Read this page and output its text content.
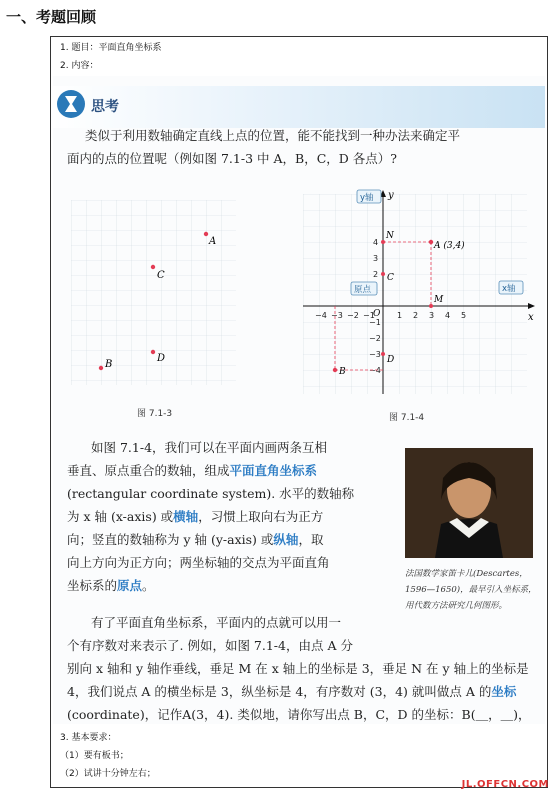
一、考题回顾
1. 题目：平面直角坐标系
2. 内容：
思考
类似于利用数轴确定直线上点的位置，能不能找到一种办法来确定平
面内的点的位置呢（例如图 7.1-3 中 A，B，C，D 各点）?
A
C
D
B
图 7.1-3
x
y
−4 −3 −2 −1	1 2 3 4 5
4
3
2
−1
−2
−3
−4
O
A (3,4)
N
M
C
D
B
y轴
x轴
原点
图 7.1-4
如图 7.1-4，我们可以在平面内画两条互相
垂直、原点重合的数轴，组成平面直角坐标系
(rectangular coordinate system). 水平的数轴称
为 x 轴 (x-axis) 或横轴，习惯上取向右为正方
向；竖直的数轴称为 y 轴 (y-axis) 或纵轴，取
向上方向为正方向；两坐标轴的交点为平面直角
坐标系的原点。
法国数学家笛卡儿(Descartes，1596—1650)，最早引入坐标系，用代数方法研究几何图形。
有了平面直角坐标系，平面内的点就可以用一
个有序数对来表示了. 例如，如图 7.1-4，由点 A 分
别向 x 轴和 y 轴作垂线，垂足 M 在 x 轴上的坐标是 3，垂足 N 在 y 轴上的坐标是
4，我们说点 A 的横坐标是 3，纵坐标是 4，有序数对 (3，4) 就叫做点 A 的坐标
(coordinate)，记作A(3，4). 类似地，请你写出点 B，C，D 的坐标：B(＿，＿)，
3. 基本要求：
（1）要有板书；
（2）试讲十分钟左右；
JL.OFFCN.COM
